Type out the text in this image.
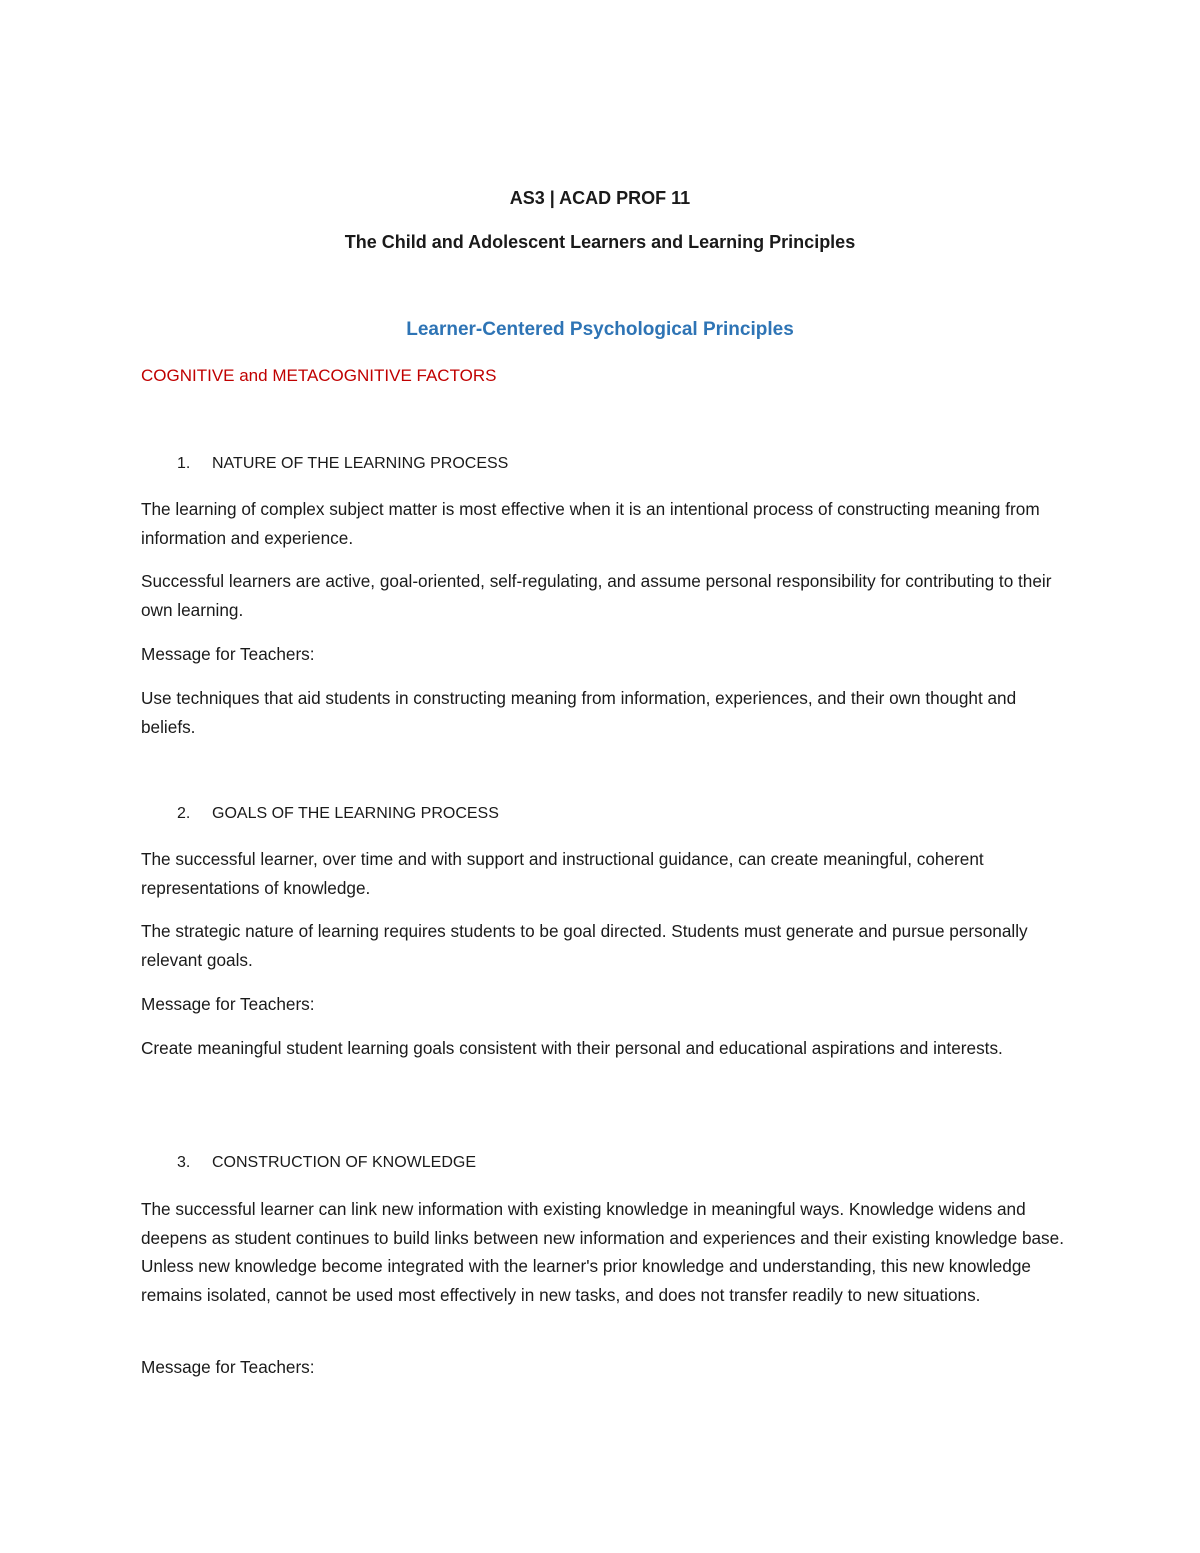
AS3 | ACAD PROF 11
The Child and Adolescent Learners and Learning Principles
Learner-Centered Psychological Principles
COGNITIVE and METACOGNITIVE FACTORS
1.	NATURE OF THE LEARNING PROCESS

The learning of complex subject matter is most effective when it is an intentional process of constructing meaning from information and experience.

Successful learners are active, goal-oriented, self-regulating, and assume personal responsibility for contributing to their own learning.

Message for Teachers:

Use techniques that aid students in constructing meaning from information, experiences, and their own thought and beliefs.

2.	GOALS OF THE LEARNING PROCESS

The successful learner, over time and with support and instructional guidance, can create meaningful, coherent representations of knowledge.

The strategic nature of learning requires students to be goal directed. Students must generate and pursue personally relevant goals.

Message for Teachers:

Create meaningful student learning goals consistent with their personal and educational aspirations and interests.

3.	CONSTRUCTION OF KNOWLEDGE

The successful learner can link new information with existing knowledge in meaningful ways. Knowledge widens and deepens as student continues to build links between new information and experiences and their existing knowledge base. Unless new knowledge become integrated with the learner's prior knowledge and understanding, this new knowledge remains isolated, cannot be used most effectively in new tasks, and does not transfer readily to new situations.

Message for Teachers:
